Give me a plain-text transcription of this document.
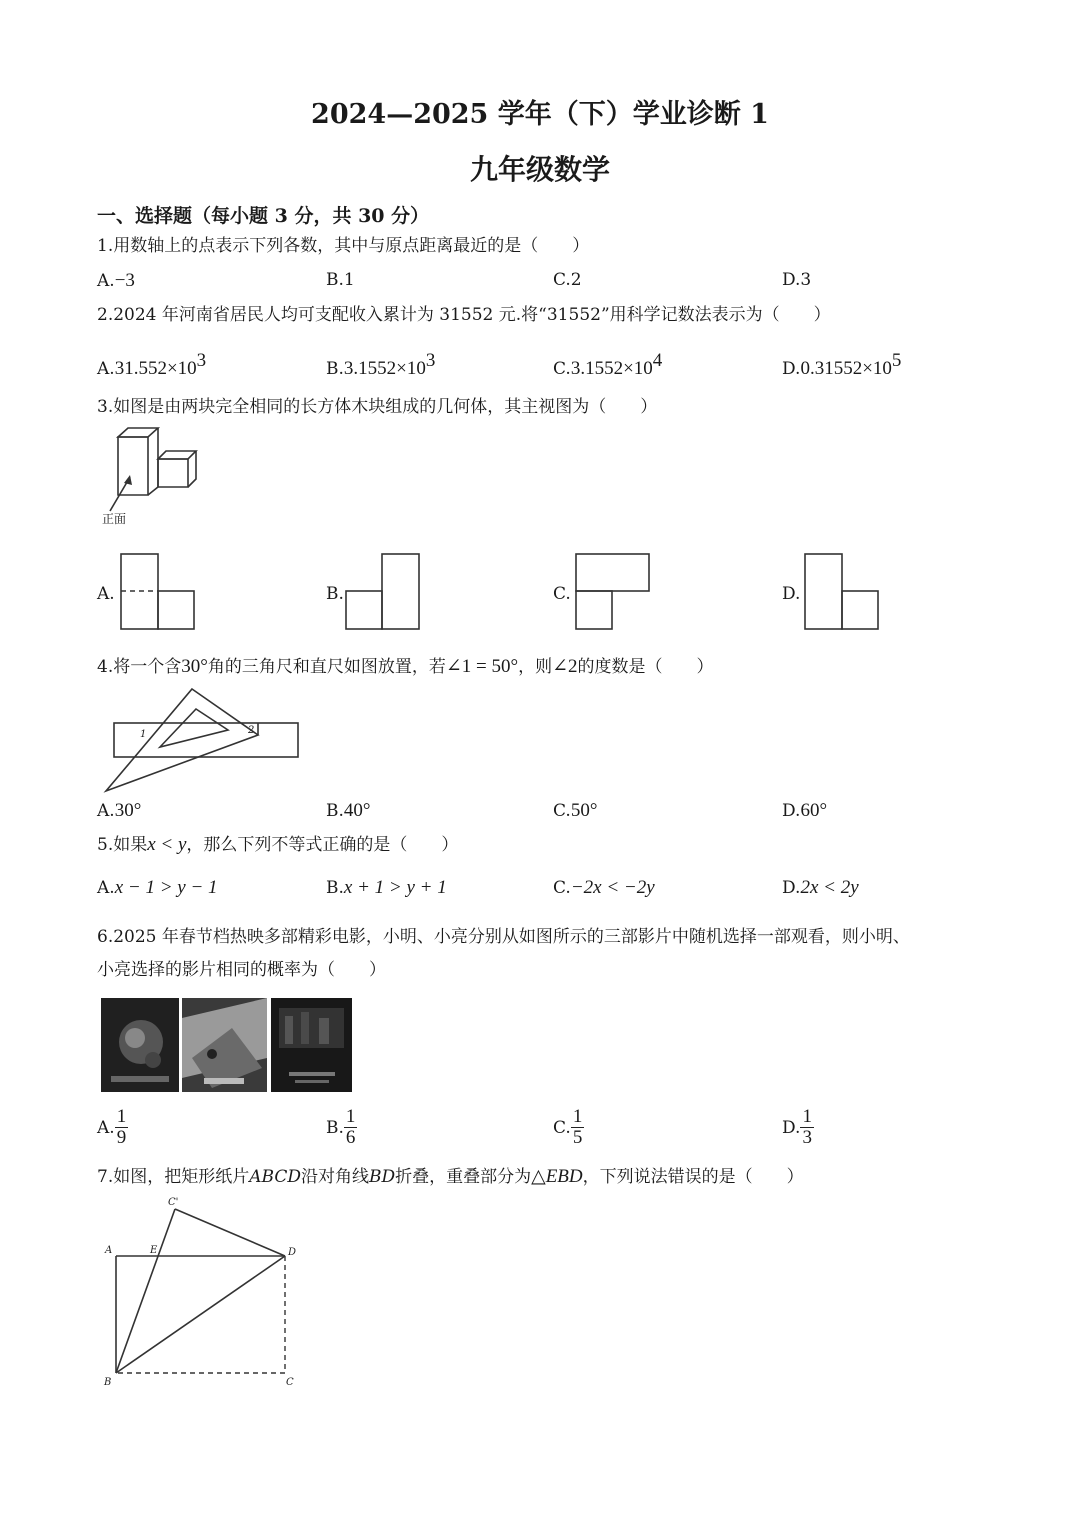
2024—2025 学年（下）学业诊断 1
九年级数学
一、选择题（每小题 3 分，共 30 分）
1.用数轴上的点表示下列各数，其中与原点距离最近的是（　　）
A.−3	B.1	C.2	D.3
2.2024 年河南省居民人均可支配收入累计为 31552 元.将“31552”用科学记数法表示为（　　）
$A.31.552\times 10^3$	$B.3.1552\times 10^3$	$C.3.1552\times 10^4$	$D.0.31552\times 10^5$
3.如图是由两块完全相同的长方体木块组成的几何体，其主视图为（　　）
正面
A.	B.	C.	D.
4.将一个含30°角的三角尺和直尺如图放置，若∠1 = 50°，则∠2的度数是（　　）
1	2
A.30°	B.40°	C.50°	D.60°
5.如果x < y，那么下列不等式正确的是（　　）
A.x − 1 > y − 1	B.x + 1 > y + 1	C.−2x < −2y	D.2x < 2y
6.2025 年春节档热映多部精彩电影，小明、小亮分别从如图所示的三部影片中随机选择一部观看，则小明、
小亮选择的影片相同的概率为（　　）
A. $\frac{1}{9}$	B. $\frac{1}{6}$	C. $\frac{1}{5}$	D. $\frac{1}{3}$
7.如图，把矩形纸片ABCD沿对角线BD折叠，重叠部分为△EBD，下列说法错误的是（　　）
C'
A	E	D
B	C
